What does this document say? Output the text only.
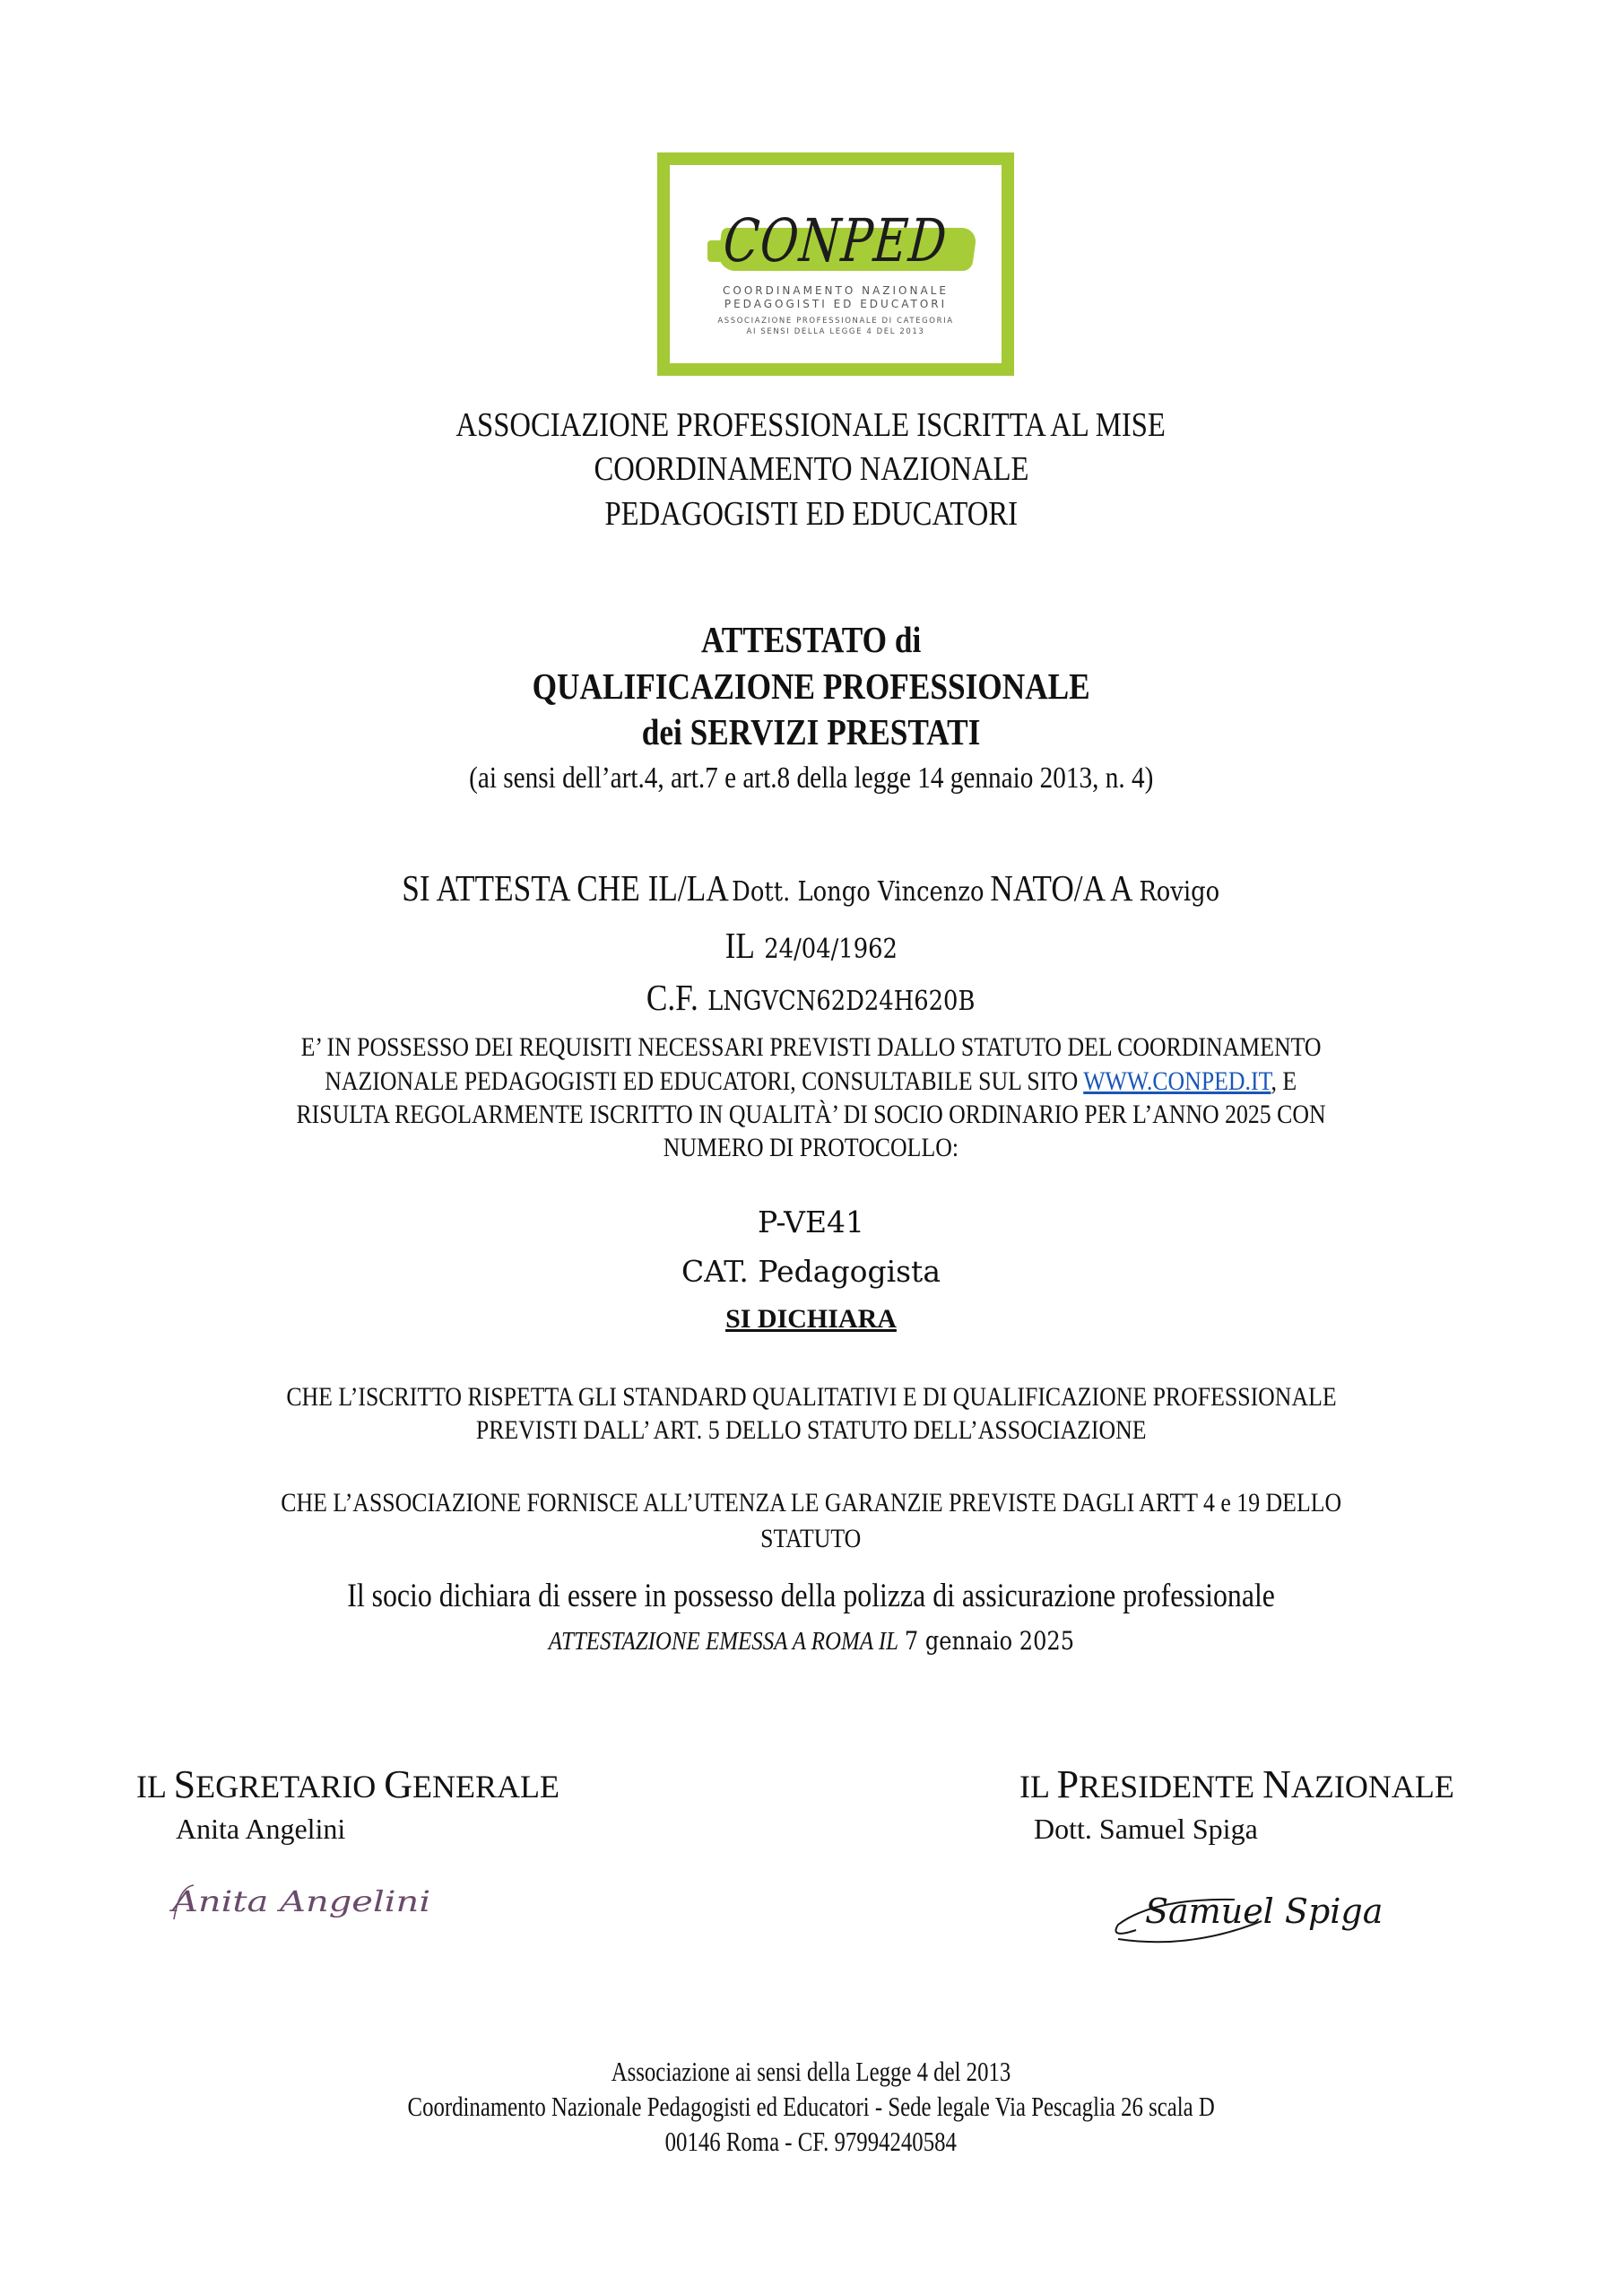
CONPED
COORDINAMENTO NAZIONALE
PEDAGOGISTI ED EDUCATORI
ASSOCIAZIONE PROFESSIONALE DI CATEGORIA
AI SENSI DELLA LEGGE 4 DEL 2013
ASSOCIAZIONE PROFESSIONALE ISCRITTA AL MISE
COORDINAMENTO NAZIONALE
PEDAGOGISTI ED EDUCATORI
ATTESTATO di
QUALIFICAZIONE PROFESSIONALE
dei SERVIZI PRESTATI
(ai sensi dell’art.4, art.7 e art.8 della legge 14 gennaio 2013, n. 4)
SI ATTESTA CHE IL/LA Dott. Longo Vincenzo NATO/A A Rovigo
IL 24/04/1962
C.F. LNGVCN62D24H620B
E’ IN POSSESSO DEI REQUISITI NECESSARI PREVISTI DALLO STATUTO DEL COORDINAMENTO
NAZIONALE PEDAGOGISTI ED EDUCATORI, CONSULTABILE SUL SITO WWW.CONPED.IT, E
RISULTA REGOLARMENTE ISCRITTO IN QUALITÀ’ DI SOCIO ORDINARIO PER L’ANNO 2025 CON
NUMERO DI PROTOCOLLO:
P-VE41
CAT. Pedagogista
SI DICHIARA
CHE L’ISCRITTO RISPETTA GLI STANDARD QUALITATIVI E DI QUALIFICAZIONE PROFESSIONALE
PREVISTI DALL’ ART. 5 DELLO STATUTO DELL’ASSOCIAZIONE
CHE L’ASSOCIAZIONE FORNISCE ALL’UTENZA LE GARANZIE PREVISTE DAGLI ARTT 4 e 19 DELLO
STATUTO
Il socio dichiara di essere in possesso della polizza di assicurazione professionale
ATTESTAZIONE EMESSA A ROMA IL 7 gennaio 2025
IL SEGRETARIO GENERALE
Anita Angelini
Anita Angelini
IL PRESIDENTE NAZIONALE
Dott. Samuel Spiga
Samuel Spiga
Associazione ai sensi della Legge 4 del 2013
Coordinamento Nazionale Pedagogisti ed Educatori - Sede legale Via Pescaglia 26 scala D
00146 Roma - CF. 97994240584
